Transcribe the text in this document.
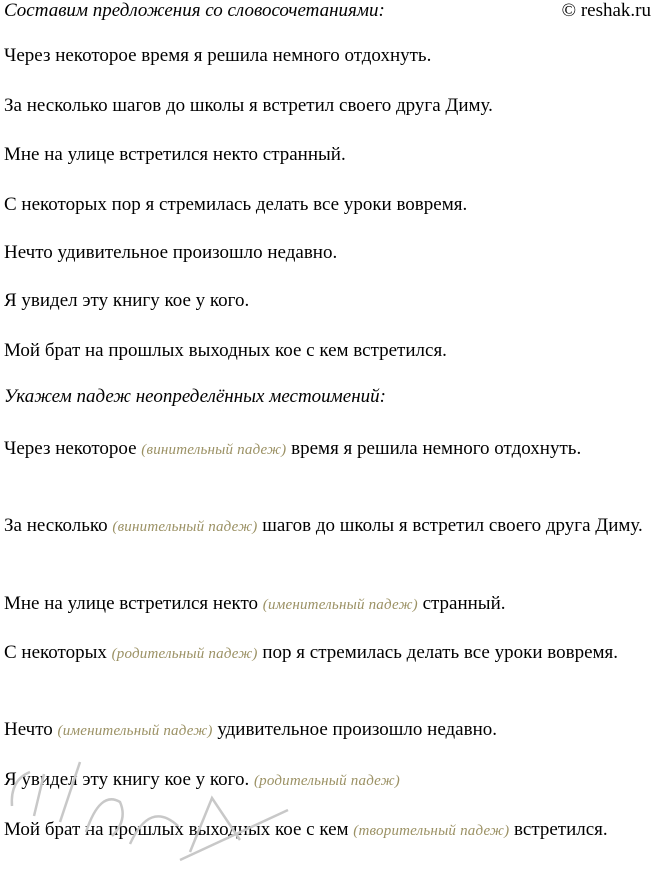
Составим предложения со словосочетаниями:	© reshak.ru
Через некоторое время я решила немного отдохнуть.
За несколько шагов до школы я встретил своего друга Диму.
Мне на улице встретился некто странный.
С некоторых пор я стремилась делать все уроки вовремя.
Нечто удивительное произошло недавно.
Я увидел эту книгу кое у кого.
Мой брат на прошлых выходных кое с кем встретился.
Укажем падеж неопределённых местоимений:
Через некоторое (винительный падеж) время я решила немного отдохнуть.
За несколько (винительный падеж) шагов до школы я встретил своего друга Диму.
Мне на улице встретился некто (именительный падеж) странный.
С некоторых (родительный падеж) пор я стремилась делать все уроки вовремя.
Нечто (именительный падеж) удивительное произошло недавно.
Я увидел эту книгу кое у кого. (родительный падеж)
Мой брат на прошлых выходных кое с кем (творительный падеж) встретился.
